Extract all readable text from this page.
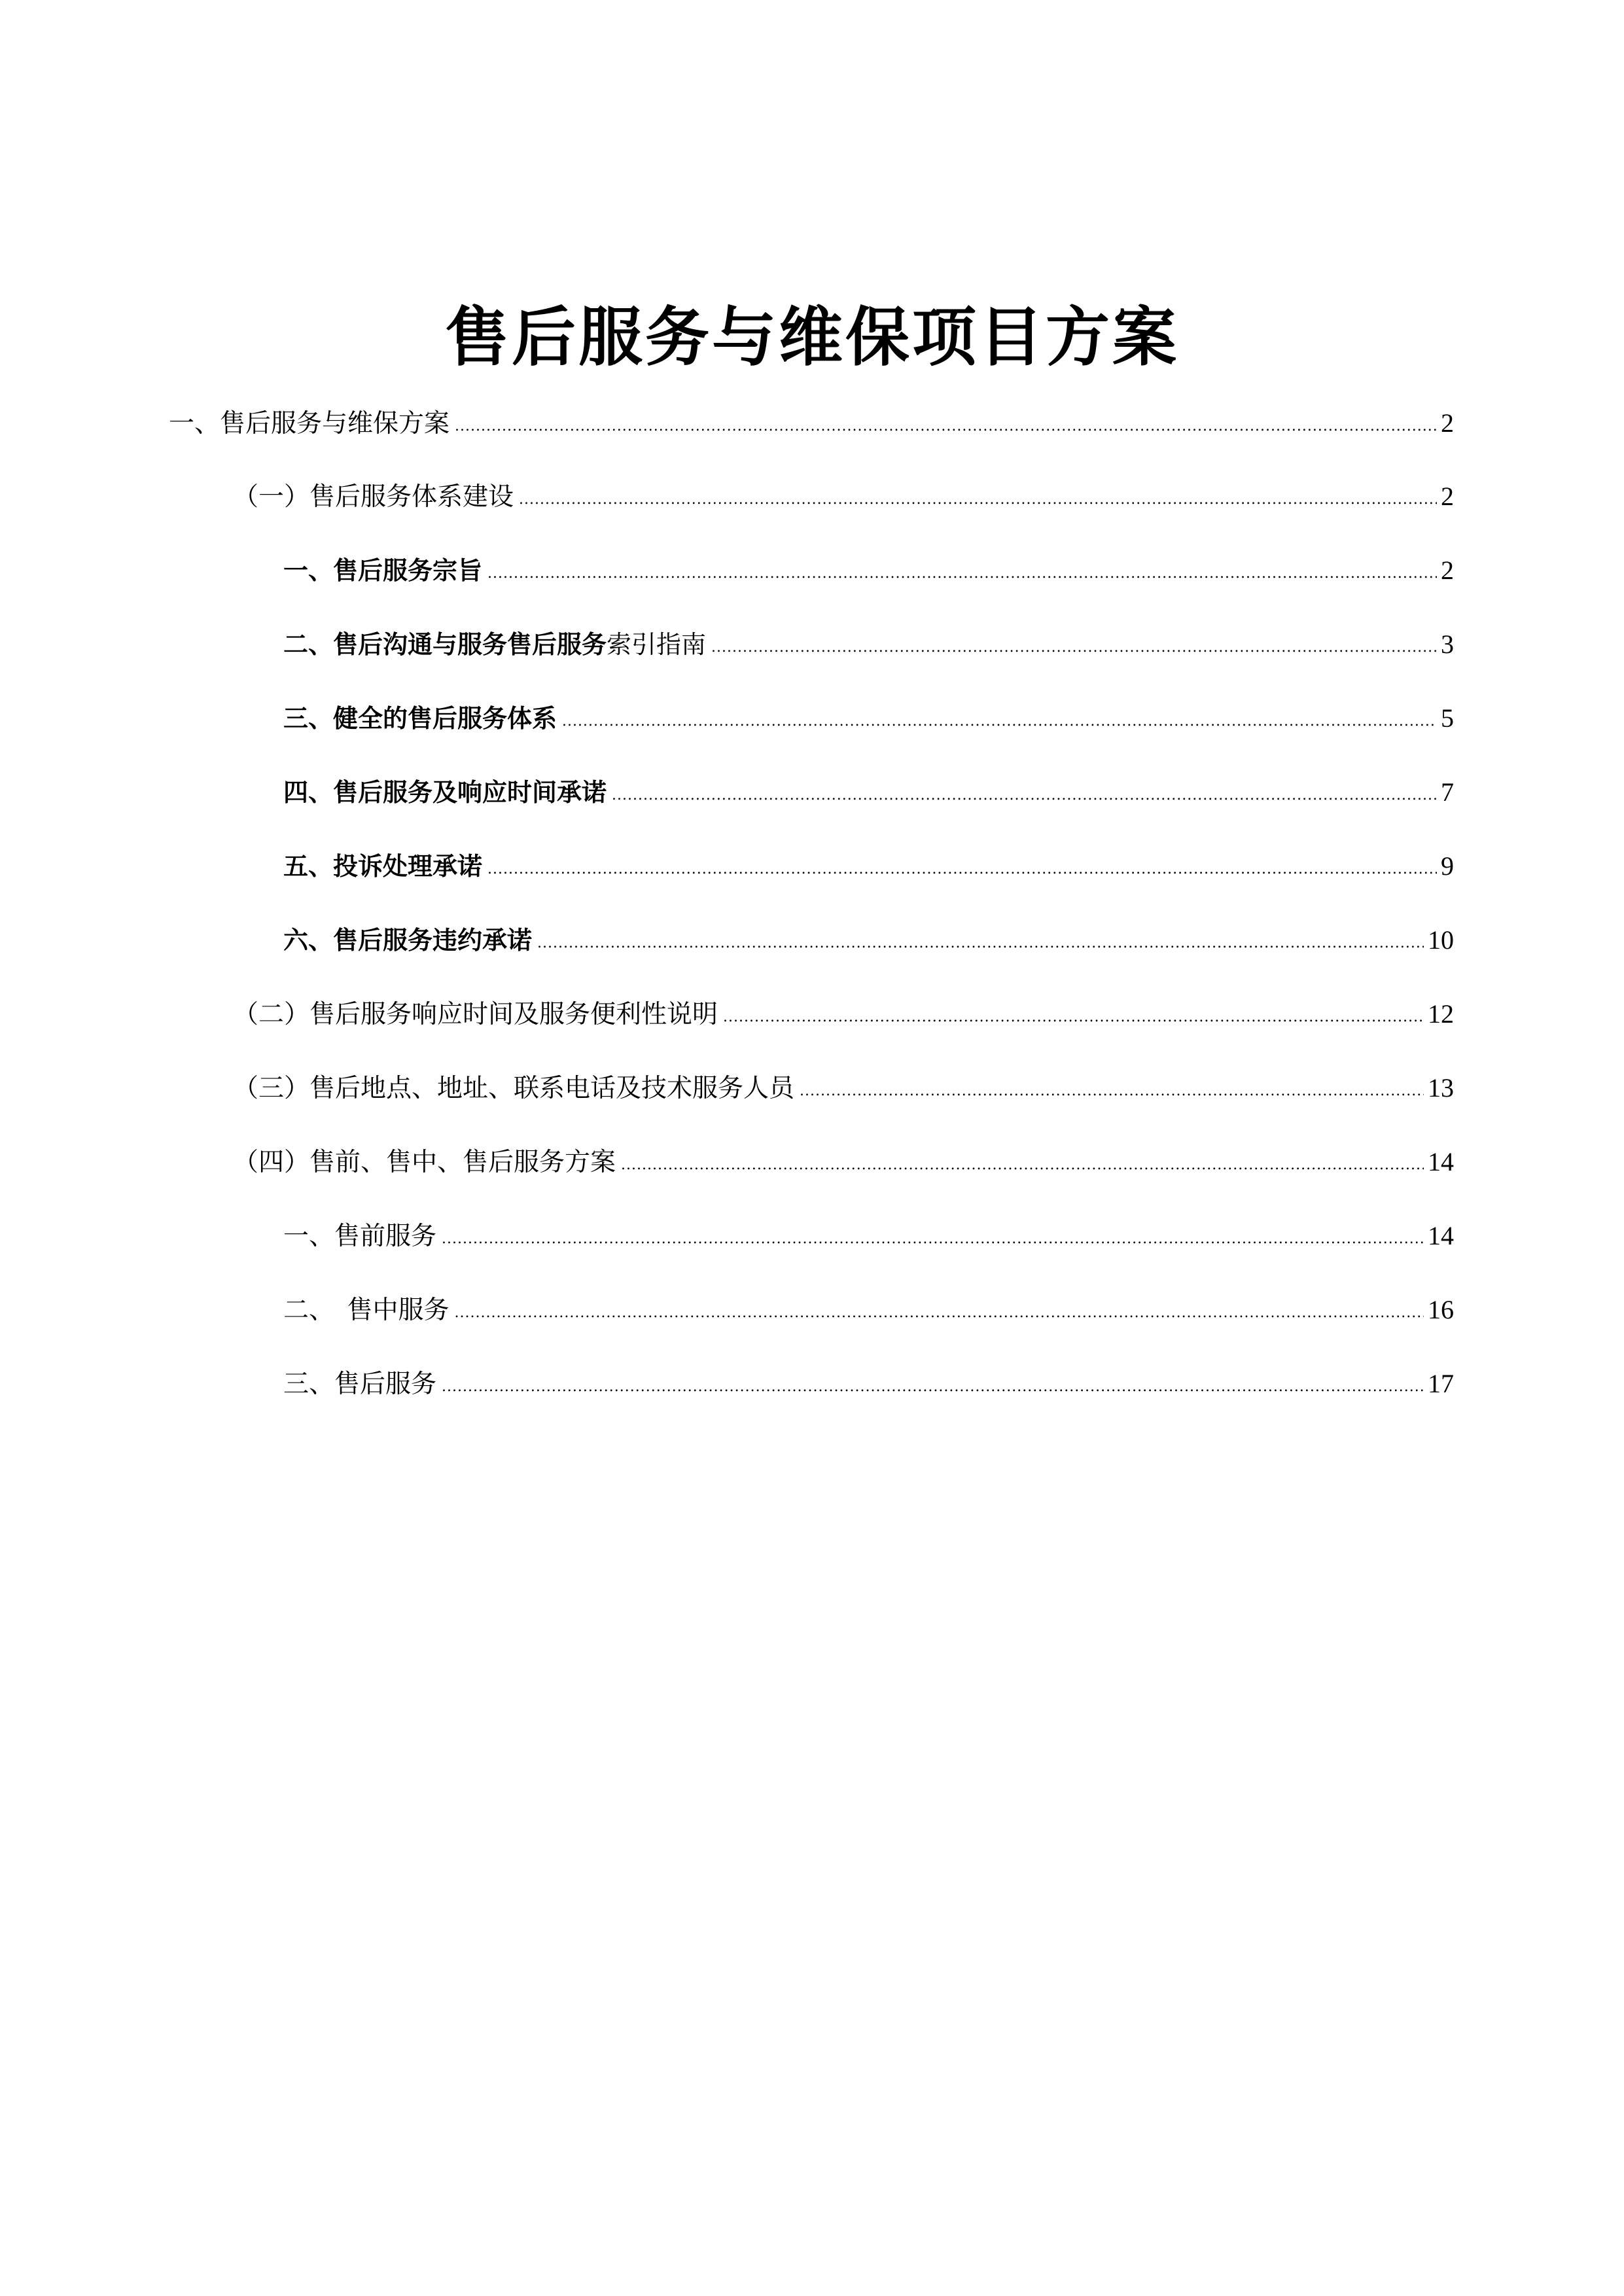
售后服务与维保项目方案
一、售后服务与维保方案 .....	2
（一）售后服务体系建设 .....	2
一、售后服务宗旨 .....	2
二、售后沟通与服务售后服务索引指南 .....	3
三、健全的售后服务体系 .....	5
四、售后服务及响应时间承诺 .....	7
五、投诉处理承诺 .....	9
六、售后服务违约承诺 .....	10
（二）售后服务响应时间及服务便利性说明 .....	12
（三）售后地点、地址、联系电话及技术服务人员 .....	13
（四）售前、售中、售后服务方案 .....	14
一、售前服务 .....	14
二、　售中服务 .....	16
三、售后服务 .....	17
